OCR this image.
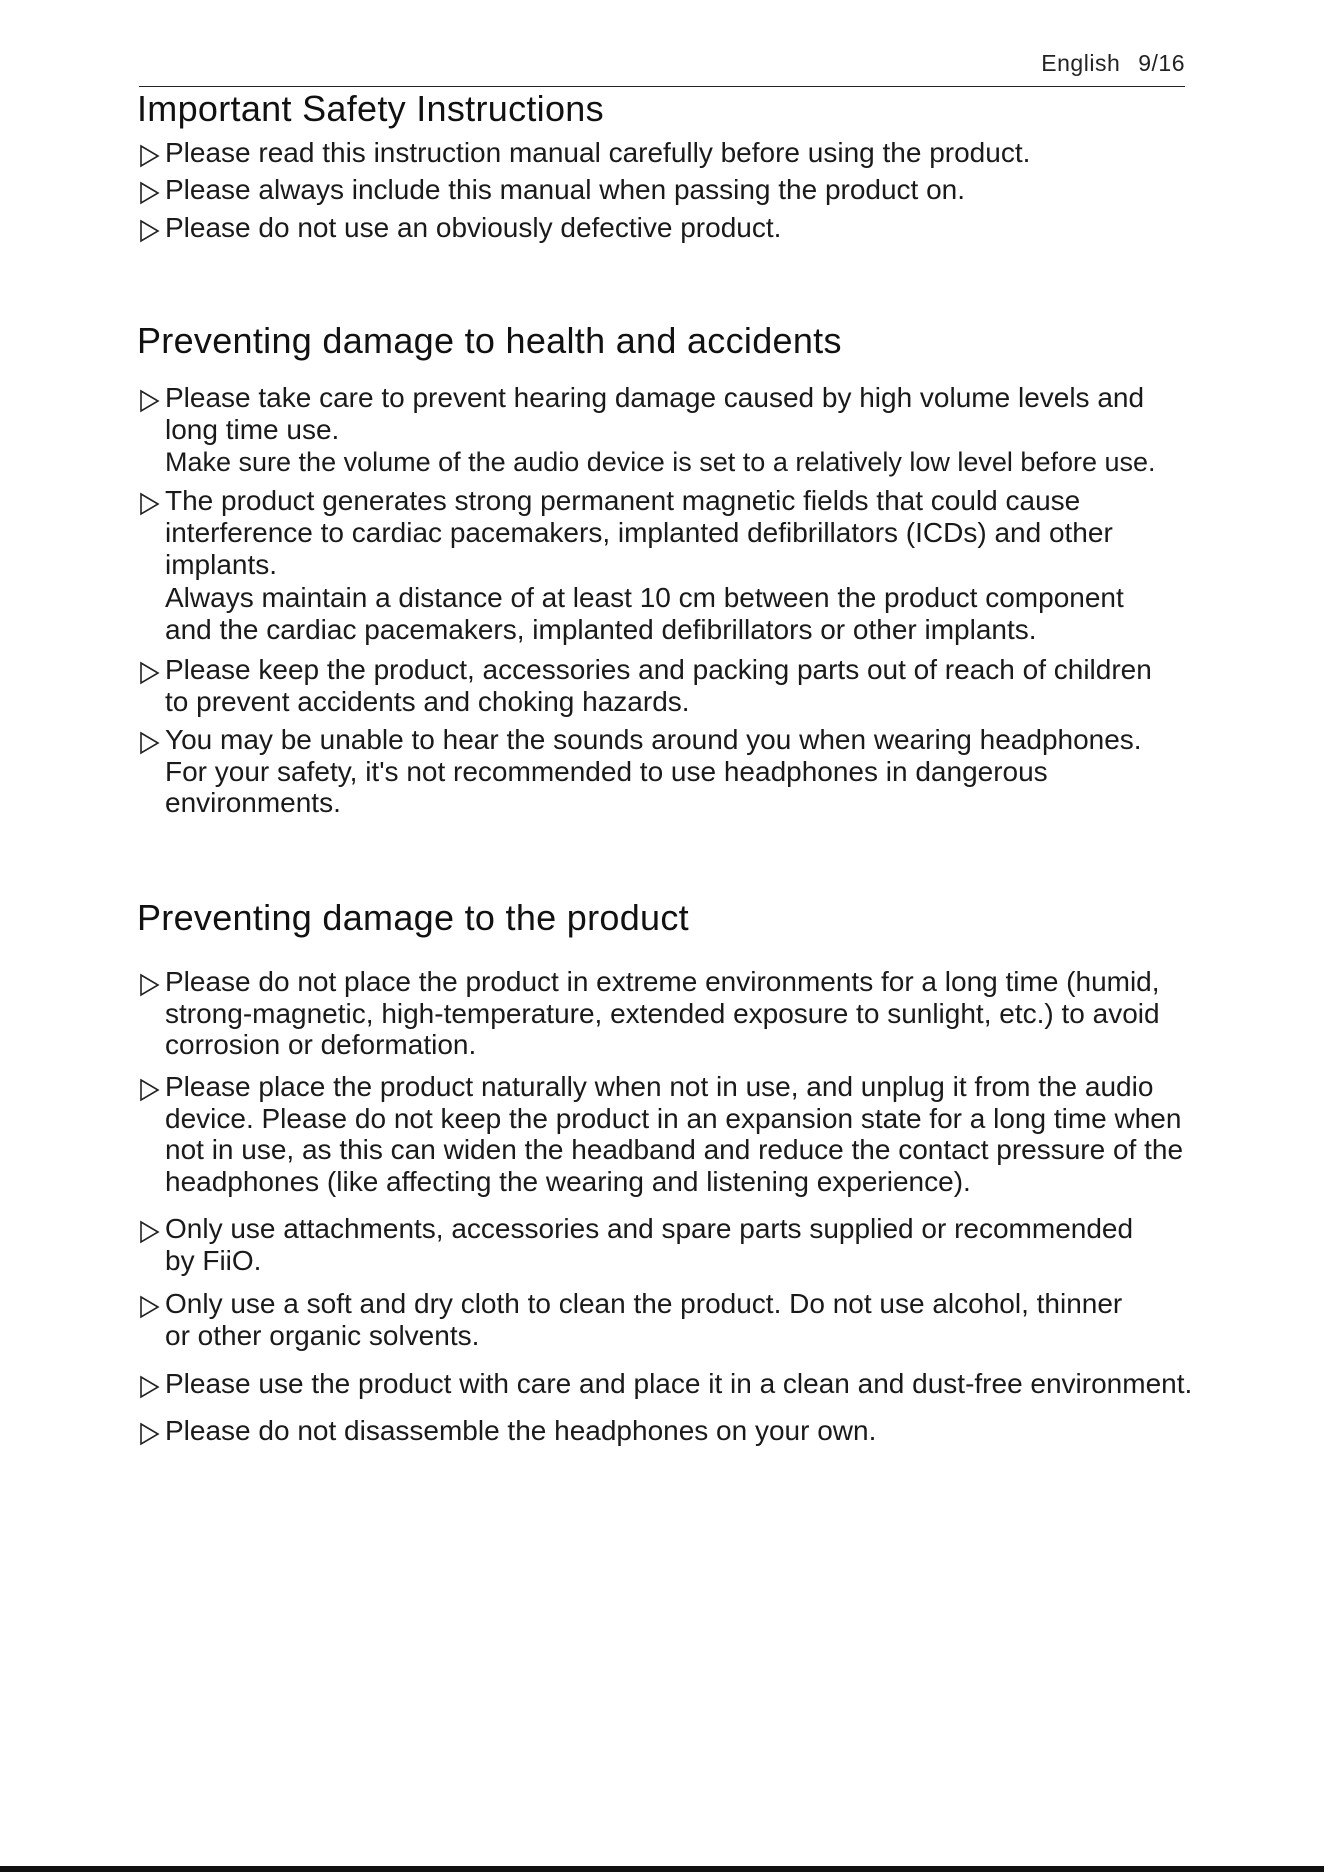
English 9/16
Important Safety Instructions
Please read this instruction manual carefully before using the product.
Please always include this manual when passing the product on.
Please do not use an obviously defective product.
Preventing damage to health and accidents
Please take care to prevent hearing damage caused by high volume levels and
long time use.
Make sure the volume of the audio device is set to a relatively low level before use.
The product generates strong permanent magnetic fields that could cause
interference to cardiac pacemakers, implanted defibrillators (ICDs) and other
implants.
Always maintain a distance of at least 10 cm between the product component
and the cardiac pacemakers, implanted defibrillators or other implants.
Please keep the product, accessories and packing parts out of reach of children
to prevent accidents and choking hazards.
You may be unable to hear the sounds around you when wearing headphones.
For your safety, it's not recommended to use headphones in dangerous
environments.
Preventing damage to the product
Please do not place the product in extreme environments for a long time (humid,
strong-magnetic, high-temperature, extended exposure to sunlight, etc.) to avoid
corrosion or deformation.
Please place the product naturally when not in use, and unplug it from the audio
device. Please do not keep the product in an expansion state for a long time when
not in use, as this can widen the headband and reduce the contact pressure of the
headphones (like affecting the wearing and listening experience).
Only use attachments, accessories and spare parts supplied or recommended
by FiiO.
Only use a soft and dry cloth to clean the product. Do not use alcohol, thinner
or other organic solvents.
Please use the product with care and place it in a clean and dust-free environment.
Please do not disassemble the headphones on your own.
